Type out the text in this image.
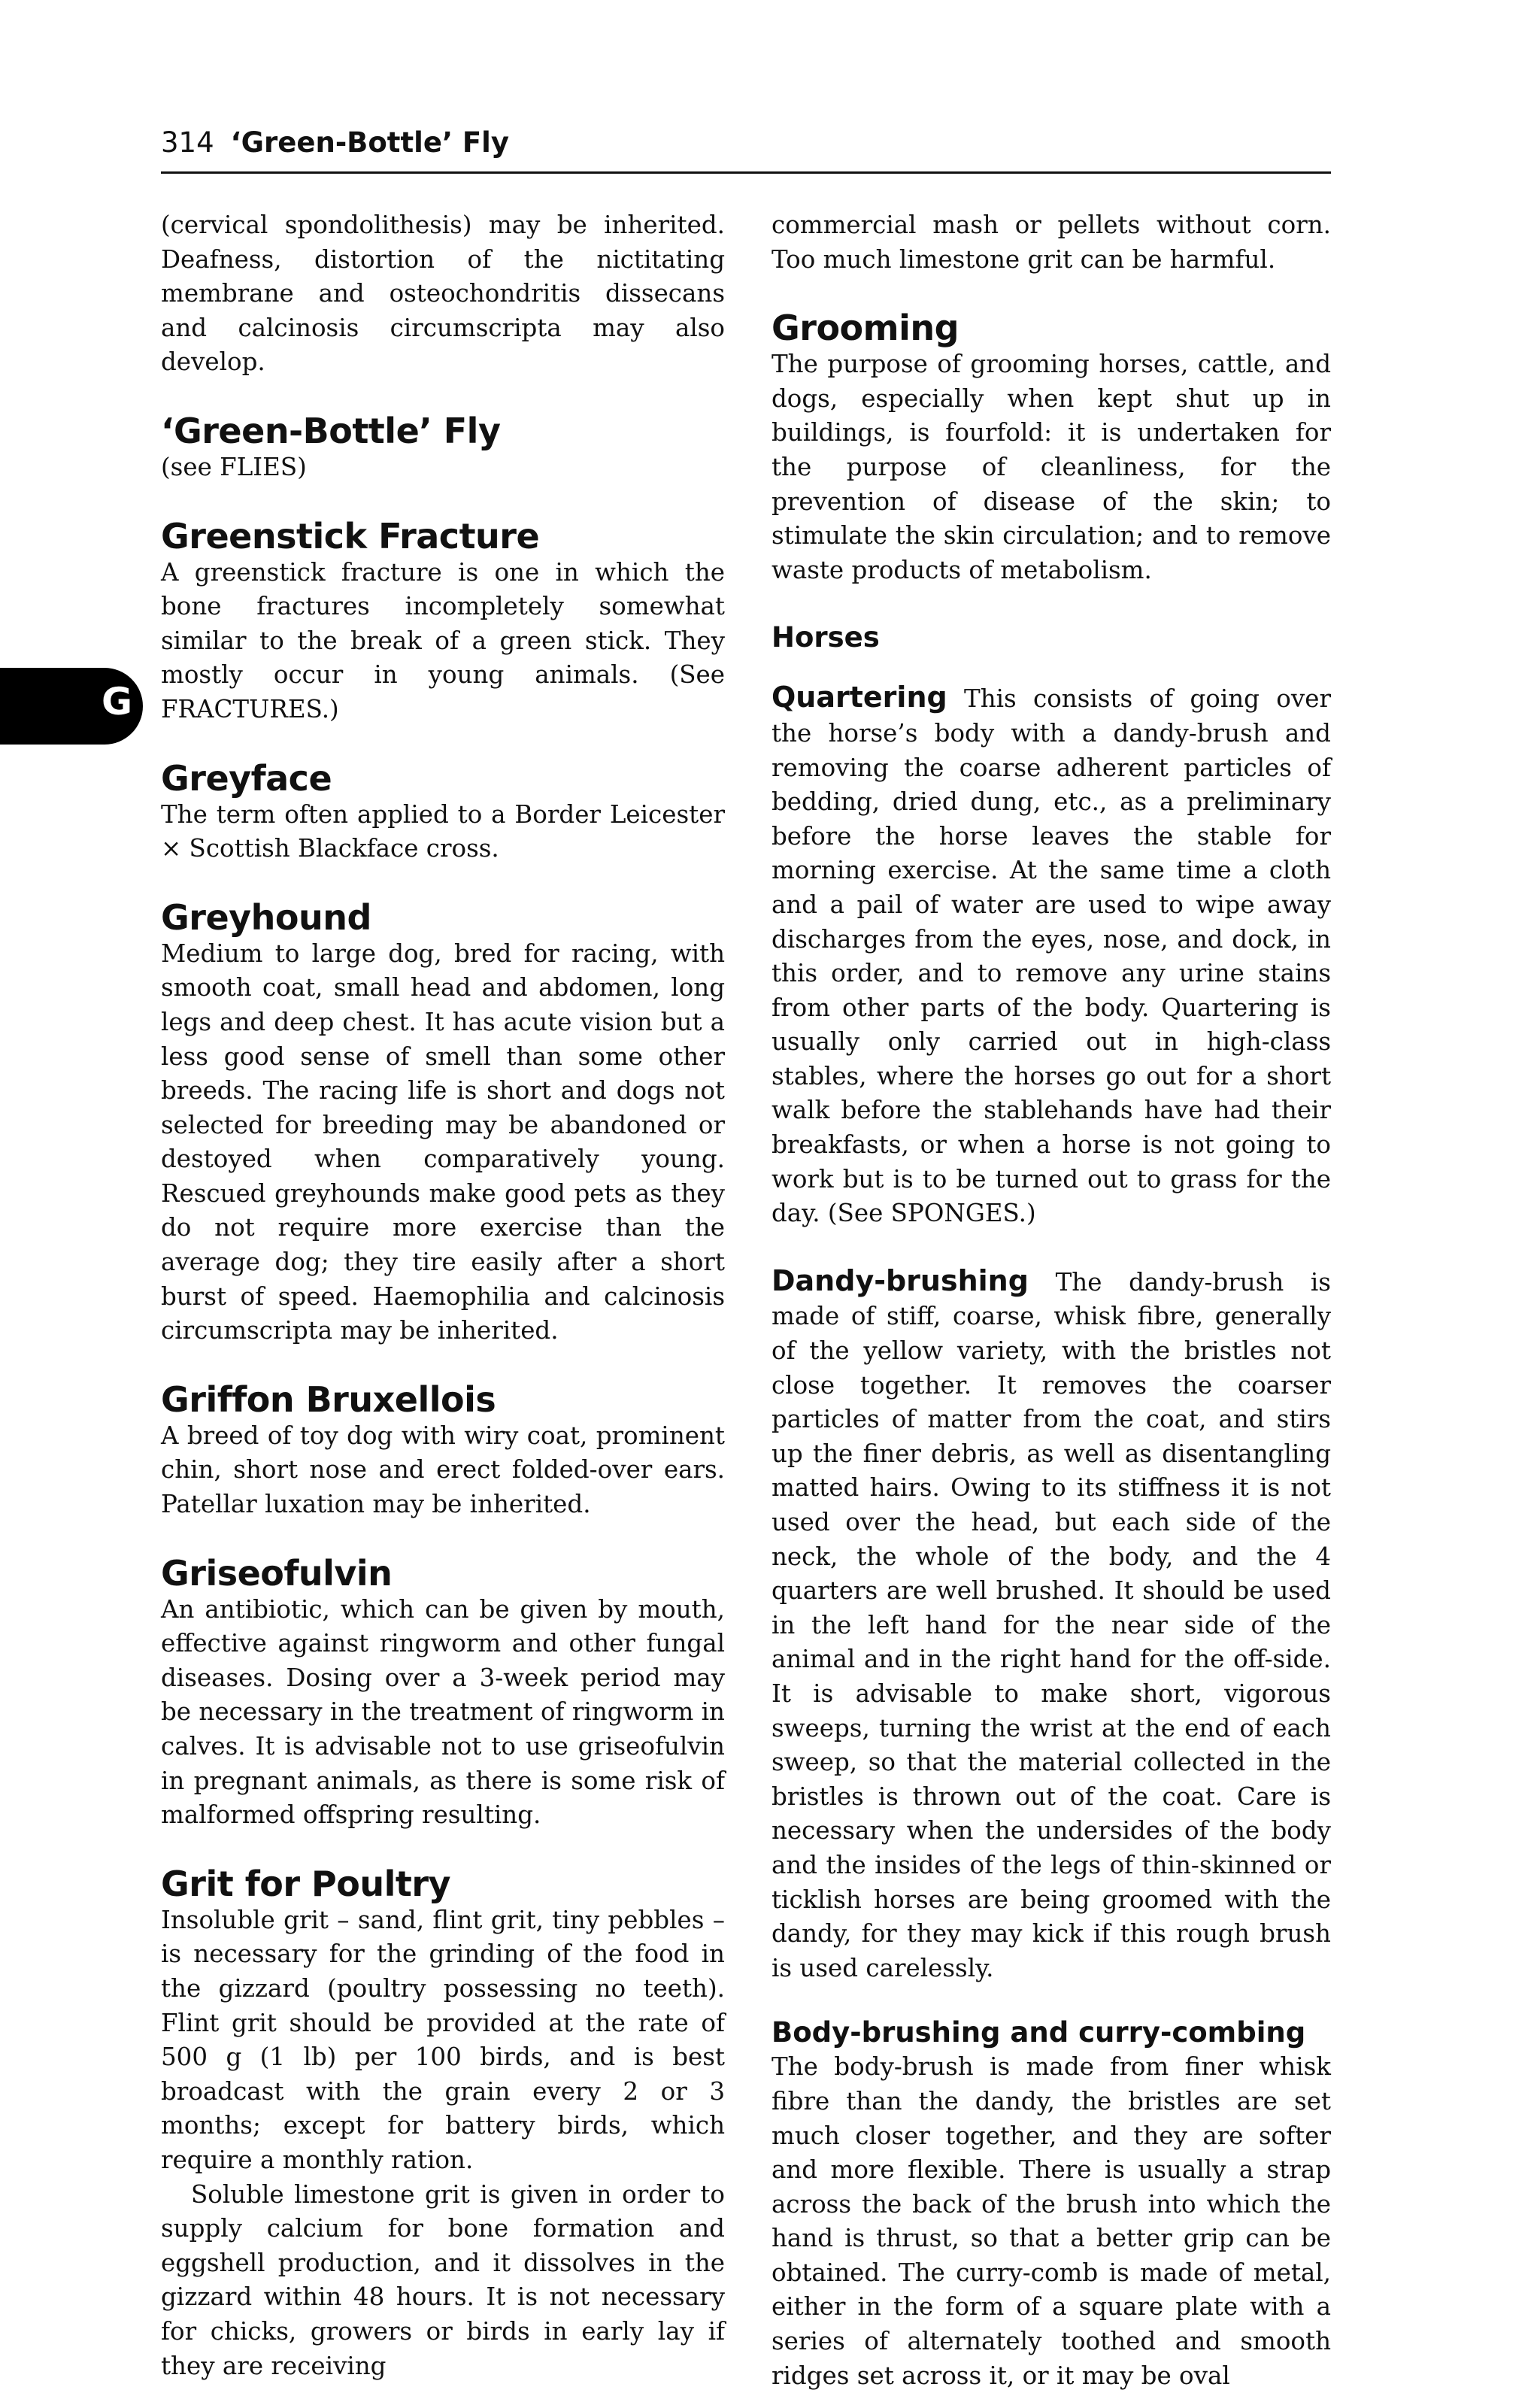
314 ‘Green-Bottle’ Fly
G

(cervical spondolithesis) may be inherited. Deafness, distortion of the nictitating membrane and osteochondritis dissecans and calcinosis circumscripta may also develop.

‘Green-Bottle’ Fly

(see FLIES)

Greenstick Fracture

A greenstick fracture is one in which the bone fractures incompletely somewhat similar to the break of a green stick. They mostly occur in young animals. (See FRACTURES.)

Greyface

The term often applied to a Border Leicester × Scottish Blackface cross.

Greyhound

Medium to large dog, bred for racing, with smooth coat, small head and abdomen, long legs and deep chest. It has acute vision but a less good sense of smell than some other breeds. The racing life is short and dogs not selected for breeding may be abandoned or destoyed when comparatively young. Rescued greyhounds make good pets as they do not require more exercise than the average dog; they tire easily after a short burst of speed. Haemophilia and calcinosis circumscripta may be inherited.

Griffon Bruxellois

A breed of toy dog with wiry coat, prominent chin, short nose and erect folded-over ears. Patellar luxation may be inherited.

Griseofulvin

An antibiotic, which can be given by mouth, effective against ringworm and other fungal diseases. Dosing over a 3-week period may be necessary in the treatment of ringworm in calves. It is advisable not to use griseofulvin in pregnant animals, as there is some risk of malformed offspring resulting.

Grit for Poultry

Insoluble grit – sand, flint grit, tiny pebbles – is necessary for the grinding of the food in the gizzard (poultry possessing no teeth). Flint grit should be provided at the rate of 500 g (1 lb) per 100 birds, and is best broadcast with the grain every 2 or 3 months; except for battery birds, which require a monthly ration.

Soluble limestone grit is given in order to supply calcium for bone formation and eggshell production, and it dissolves in the gizzard within 48 hours. It is not necessary for chicks, growers or birds in early lay if they are receiving

commercial mash or pellets without corn. Too much limestone grit can be harmful.

Grooming

The purpose of grooming horses, cattle, and dogs, especially when kept shut up in buildings, is fourfold: it is undertaken for the purpose of cleanliness, for the prevention of disease of the skin; to stimulate the skin circulation; and to remove waste products of metabolism.

Horses

Quartering This consists of going over the horse’s body with a dandy-brush and removing the coarse adherent particles of bedding, dried dung, etc., as a preliminary before the horse leaves the stable for morning exercise. At the same time a cloth and a pail of water are used to wipe away discharges from the eyes, nose, and dock, in this order, and to remove any urine stains from other parts of the body. Quartering is usually only carried out in high-class stables, where the horses go out for a short walk before the stablehands have had their breakfasts, or when a horse is not going to work but is to be turned out to grass for the day. (See SPONGES.)

Dandy-brushing The dandy-brush is made of stiff, coarse, whisk fibre, generally of the yellow variety, with the bristles not close together. It removes the coarser particles of matter from the coat, and stirs up the finer debris, as well as disentangling matted hairs. Owing to its stiffness it is not used over the head, but each side of the neck, the whole of the body, and the 4 quarters are well brushed. It should be used in the left hand for the near side of the animal and in the right hand for the off-side. It is advisable to make short, vigorous sweeps, turning the wrist at the end of each sweep, so that the material collected in the bristles is thrown out of the coat. Care is necessary when the undersides of the body and the insides of the legs of thin-skinned or ticklish horses are being groomed with the dandy, for they may kick if this rough brush is used carelessly.

Body-brushing and curry-combing

The body-brush is made from finer whisk fibre than the dandy, the bristles are set much closer together, and they are softer and more flexible. There is usually a strap across the back of the brush into which the hand is thrust, so that a better grip can be obtained. The curry-comb is made of metal, either in the form of a square plate with a series of alternately toothed and smooth ridges set across it, or it may be oval
